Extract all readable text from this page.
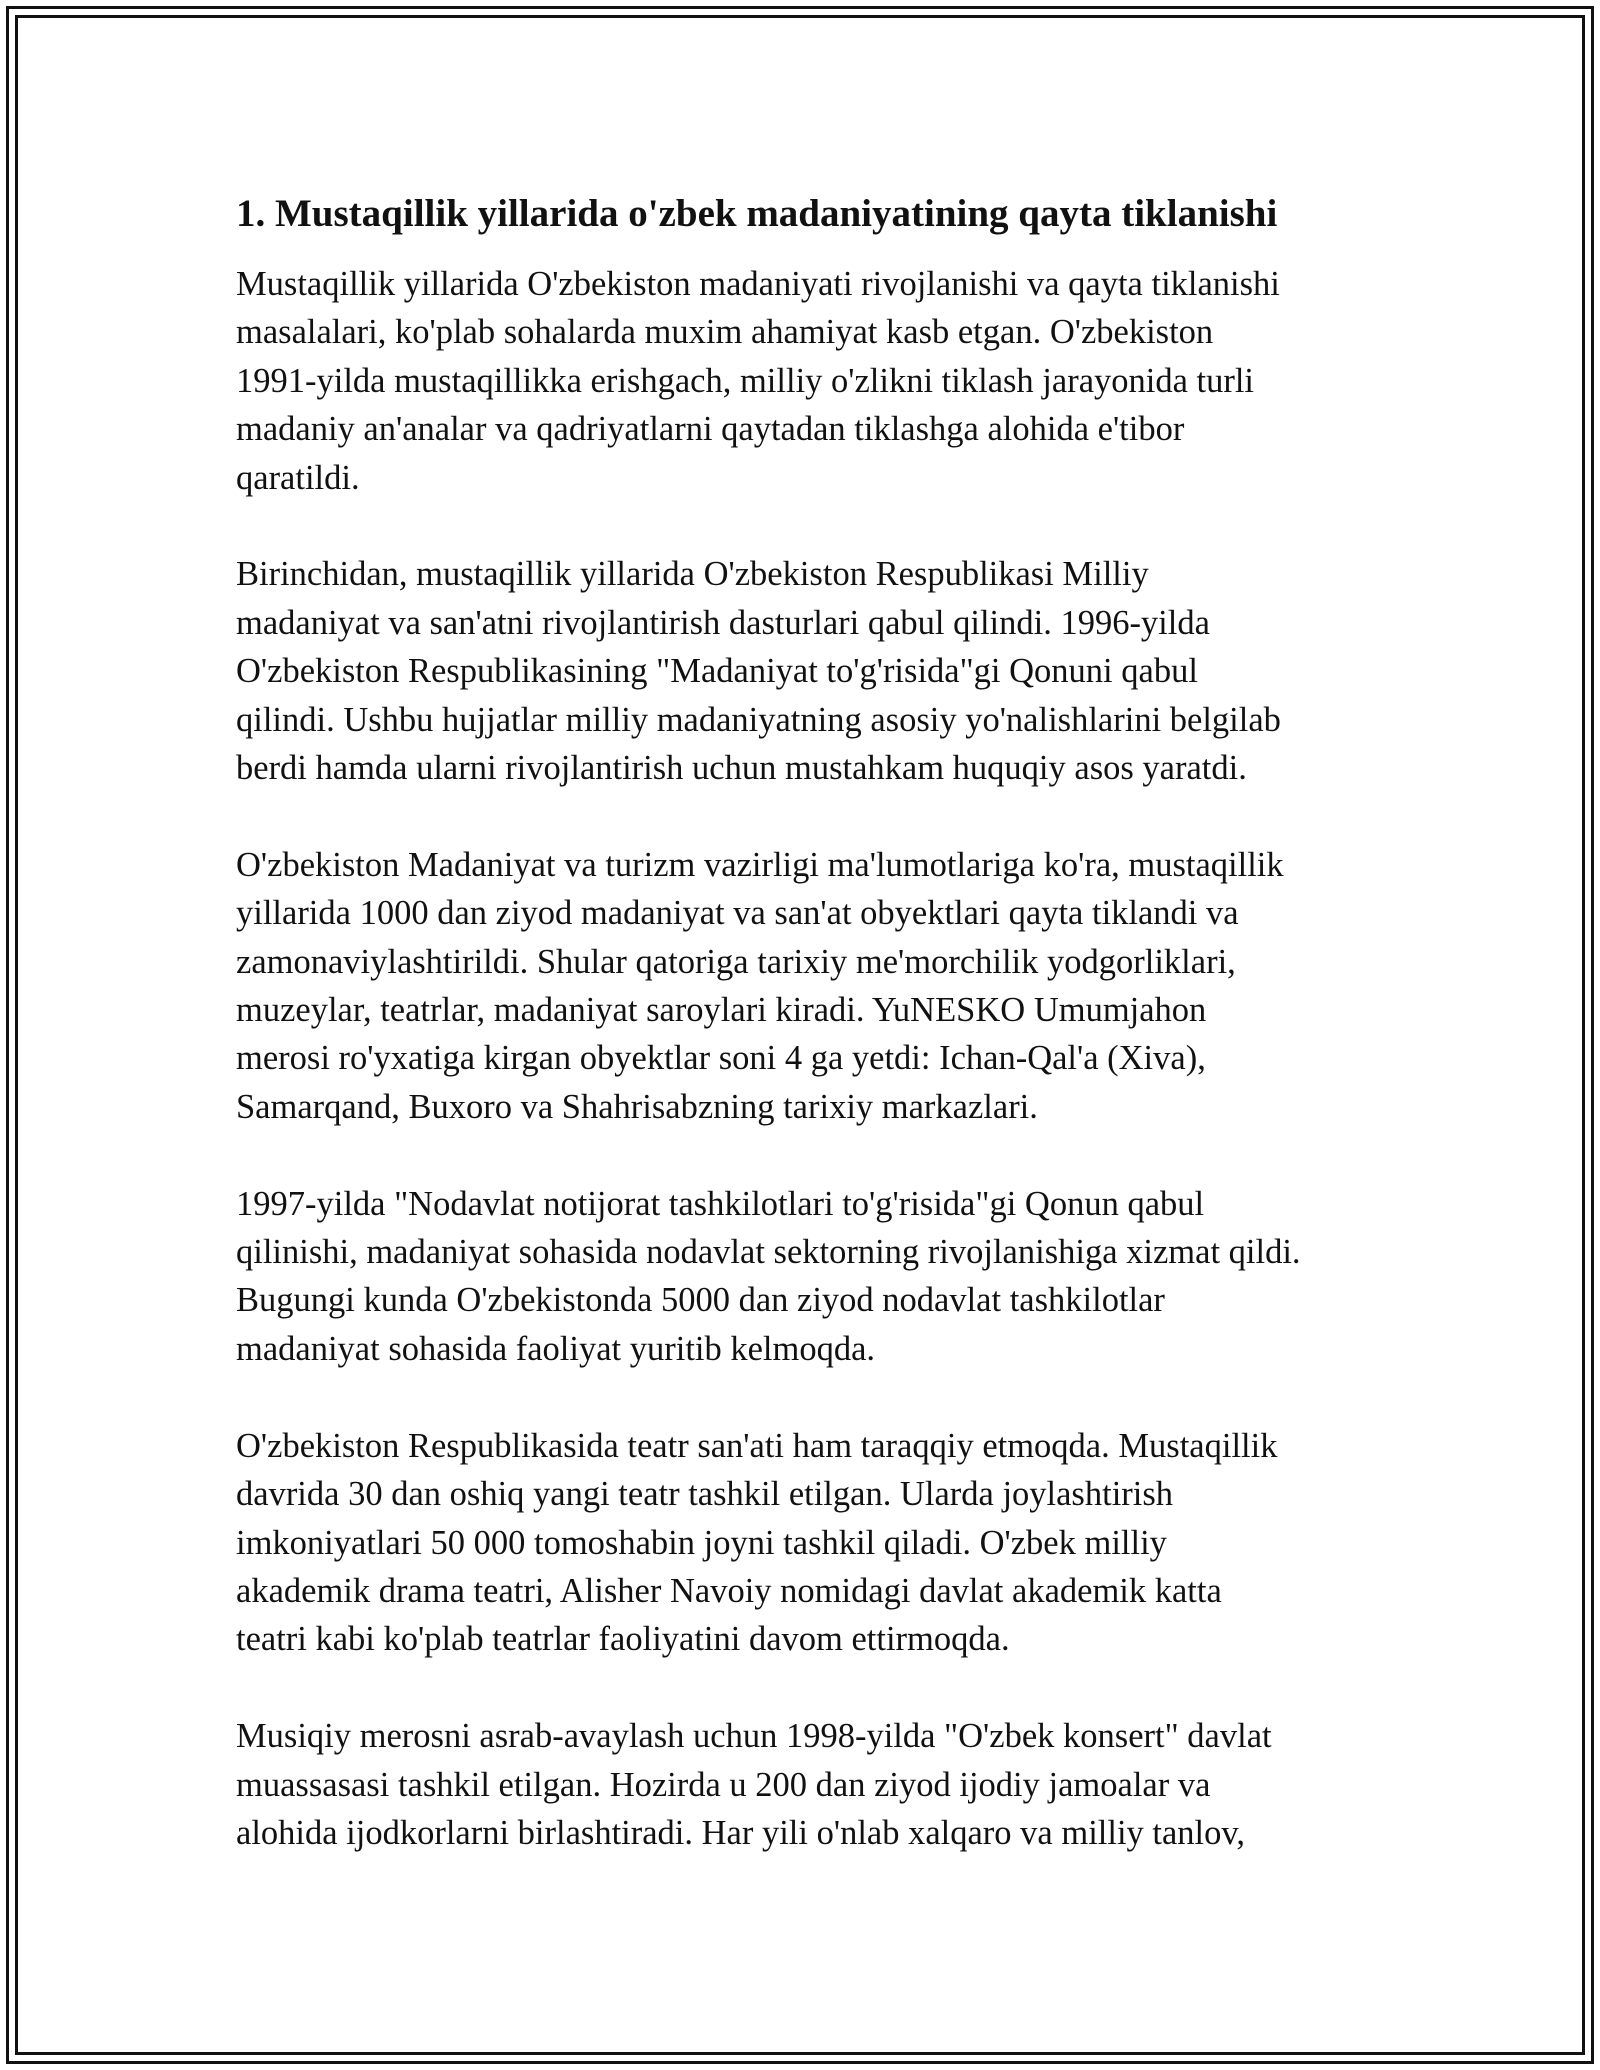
1. Mustaqillik yillarida o'zbek madaniyatining qayta tiklanishi
Mustaqillik yillarida O'zbekiston madaniyati rivojlanishi va qayta tiklanishi
masalalari, ko'plab sohalarda muxim ahamiyat kasb etgan. O'zbekiston
1991-yilda mustaqillikka erishgach, milliy o'zlikni tiklash jarayonida turli
madaniy an'analar va qadriyatlarni qaytadan tiklashga alohida e'tibor
qaratildi.
Birinchidan, mustaqillik yillarida O'zbekiston Respublikasi Milliy
madaniyat va san'atni rivojlantirish dasturlari qabul qilindi. 1996-yilda
O'zbekiston Respublikasining "Madaniyat to'g'risida"gi Qonuni qabul
qilindi. Ushbu hujjatlar milliy madaniyatning asosiy yo'nalishlarini belgilab
berdi hamda ularni rivojlantirish uchun mustahkam huquqiy asos yaratdi.
O'zbekiston Madaniyat va turizm vazirligi ma'lumotlariga ko'ra, mustaqillik
yillarida 1000 dan ziyod madaniyat va san'at obyektlari qayta tiklandi va
zamonaviylashtirildi. Shular qatoriga tarixiy me'morchilik yodgorliklari,
muzeylar, teatrlar, madaniyat saroylari kiradi. YuNESKO Umumjahon
merosi ro'yxatiga kirgan obyektlar soni 4 ga yetdi: Ichan-Qal'a (Xiva),
Samarqand, Buxoro va Shahrisabzning tarixiy markazlari.
1997-yilda "Nodavlat notijorat tashkilotlari to'g'risida"gi Qonun qabul
qilinishi, madaniyat sohasida nodavlat sektorning rivojlanishiga xizmat qildi.
Bugungi kunda O'zbekistonda 5000 dan ziyod nodavlat tashkilotlar
madaniyat sohasida faoliyat yuritib kelmoqda.
O'zbekiston Respublikasida teatr san'ati ham taraqqiy etmoqda. Mustaqillik
davrida 30 dan oshiq yangi teatr tashkil etilgan. Ularda joylashtirish
imkoniyatlari 50 000 tomoshabin joyni tashkil qiladi. O'zbek milliy
akademik drama teatri, Alisher Navoiy nomidagi davlat akademik katta
teatri kabi ko'plab teatrlar faoliyatini davom ettirmoqda.
Musiqiy merosni asrab-avaylash uchun 1998-yilda "O'zbek konsert" davlat
muassasasi tashkil etilgan. Hozirda u 200 dan ziyod ijodiy jamoalar va
alohida ijodkorlarni birlashtiradi. Har yili o'nlab xalqaro va milliy tanlov,
